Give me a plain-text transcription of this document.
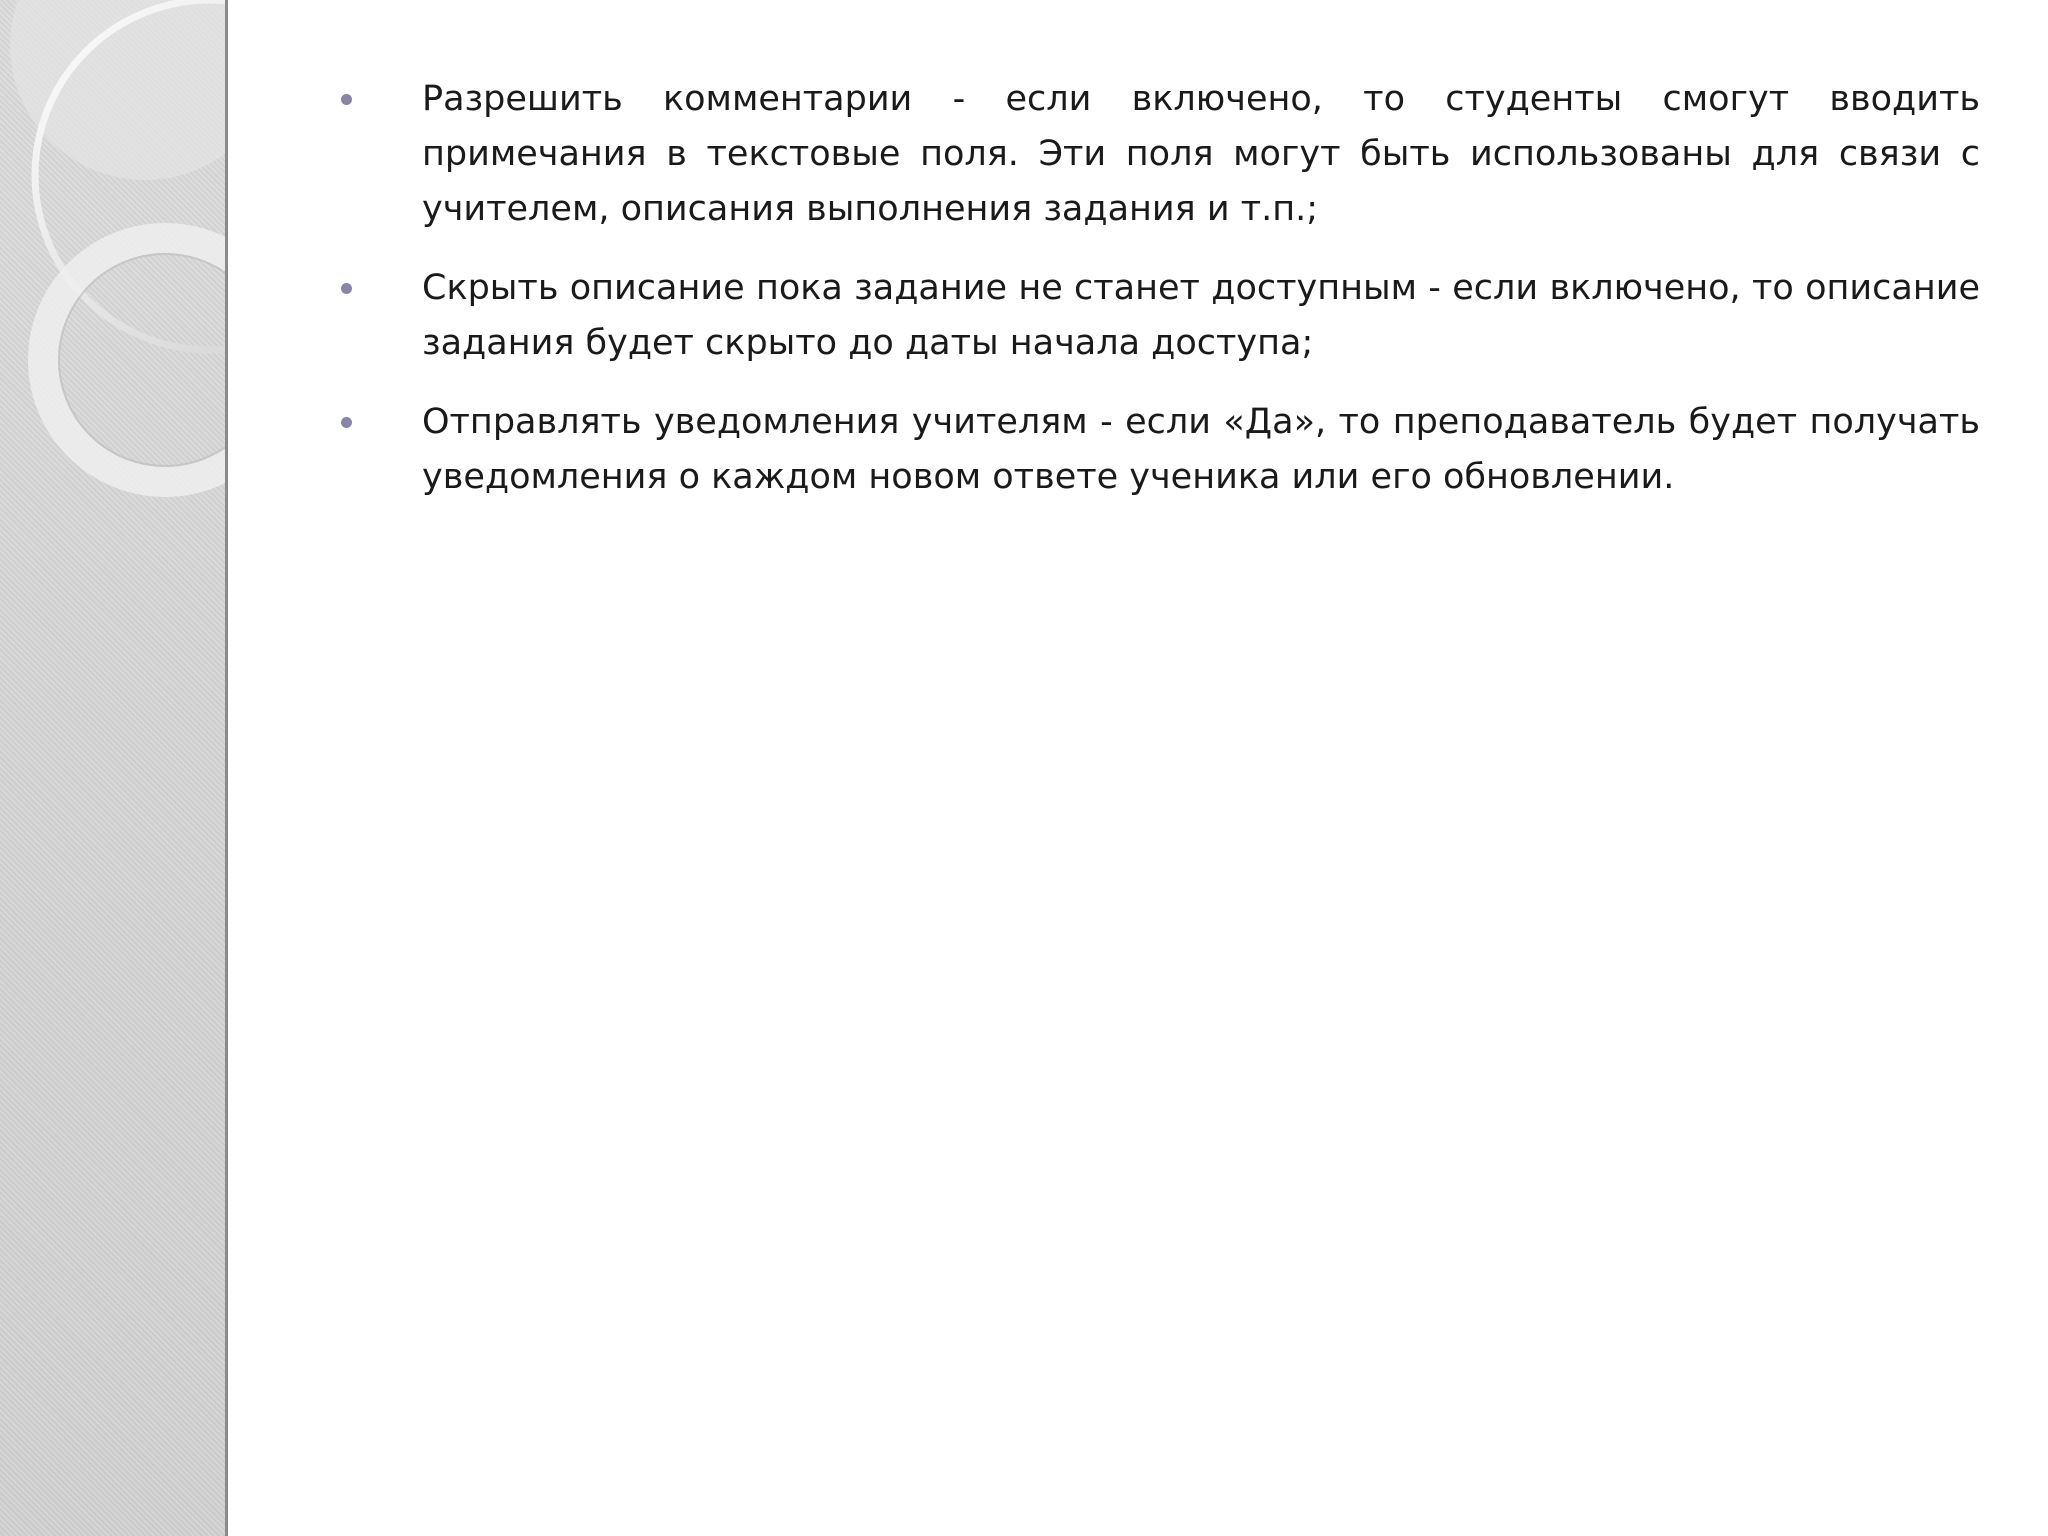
Разрешить комментарии - если включено, то студенты смогут вводить примечания в текстовые поля. Эти поля могут быть использованы для связи с учителем, описания выполнения задания и т.п.;
Скрыть описание пока задание не станет доступным - если включено, то описание задания будет скрыто до даты начала доступа;
Отправлять уведомления учителям - если «Да», то преподаватель будет получать уведомления о каждом новом ответе ученика или его обновлении.
